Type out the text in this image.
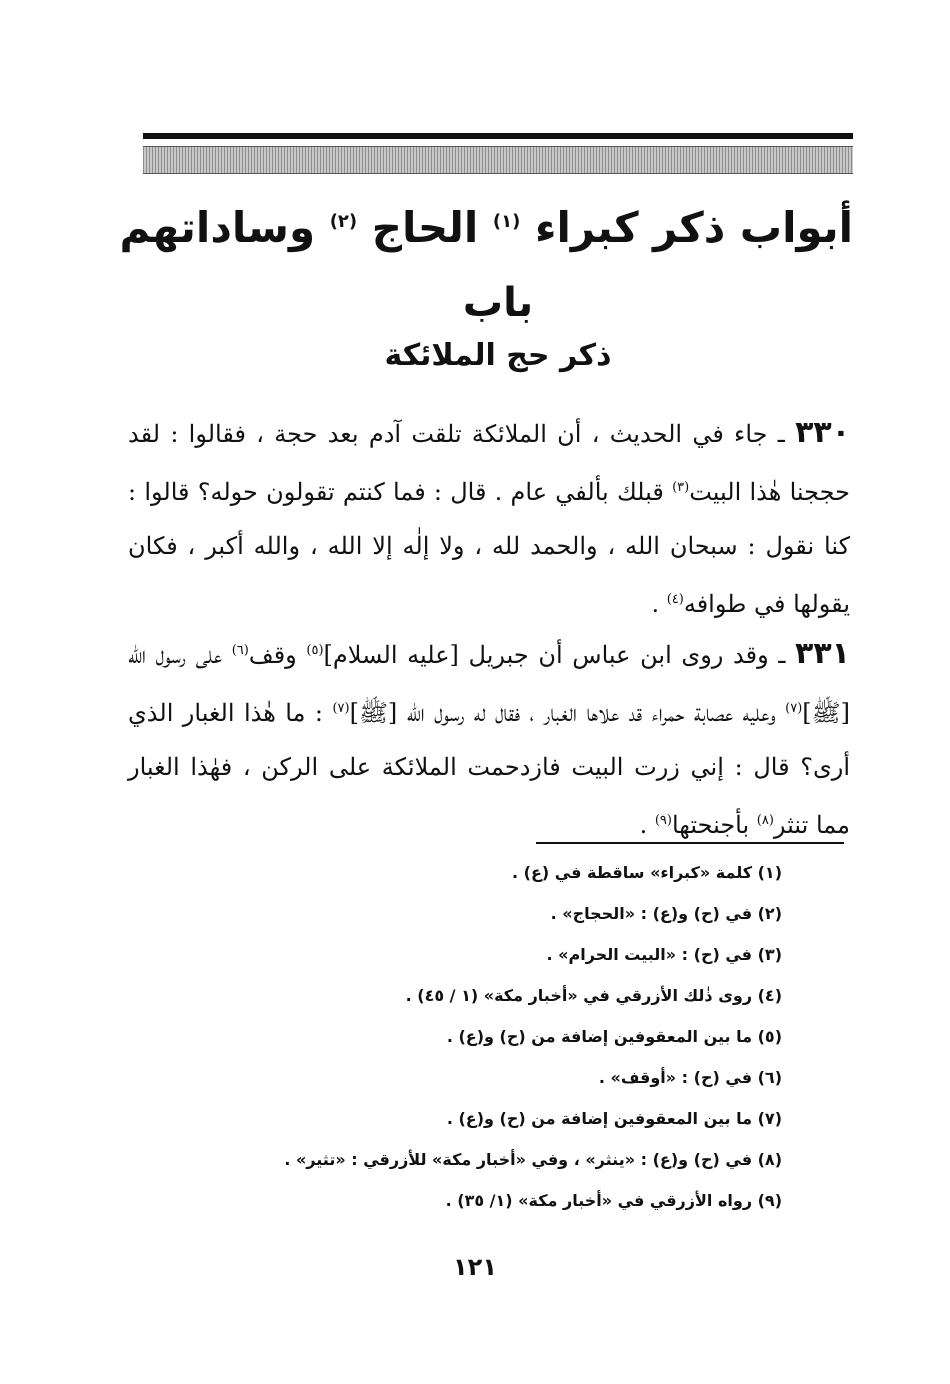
أبواب ذكر كبراء $^{(١)}$ الحاج $^{(٢)}$ وساداتهم
باب
ذكر حج الملائكة
٣٣٠ ـ جاء في الحديث ، أن الملائكة تلقت آدم بعد حجة ، فقالوا : لقد حججنا هٰذا البيت$^{(٣)}$ قبلك بألفي عام . قال : فما كنتم تقولون حوله؟ قالوا : كنا نقول : سبحان الله ، والحمد لله ، ولا إلٰه إلا الله ، والله أكبر ، فكان يقولها في طوافه$^{(٤)}$ .
٣٣١ ـ وقد روى ابن عباس أن جبريل [عليه السلام]$^{(٥)}$ وقف$^{(٦)}$ على رسول الله [ﷺ]$^{(٧)}$ وعليه عصابة حمراء قد علاها الغبار ، فقال له رسول الله [ﷺ]$^{(٧)}$ : ما هٰذا الغبار الذي أرى؟ قال : إني زرت البيت فازدحمت الملائكة على الركن ، فهٰذا الغبار مما تنثر$^{(٨)}$ بأجنحتها$^{(٩)}$ .
(١) كلمة «كبراء» ساقطة في (ع) .
(٢) في (ح) و(ع) : «الحجاج» .
(٣) في (ح) : «البيت الحرام» .
(٤) روى ذٰلك الأزرقي في «أخبار مكة» (١ / ٤٥) .
(٥) ما بين المعقوفين إضافة من (ح) و(ع) .
(٦) في (ح) : «أوقف» .
(٧) ما بين المعقوفين إضافة من (ح) و(ع) .
(٨) في (ح) و(ع) : «ينثر» ، وفي «أخبار مكة» للأزرقي : «تثير» .
(٩) رواه الأزرقي في «أخبار مكة» (١/ ٣٥) .
١٢١
